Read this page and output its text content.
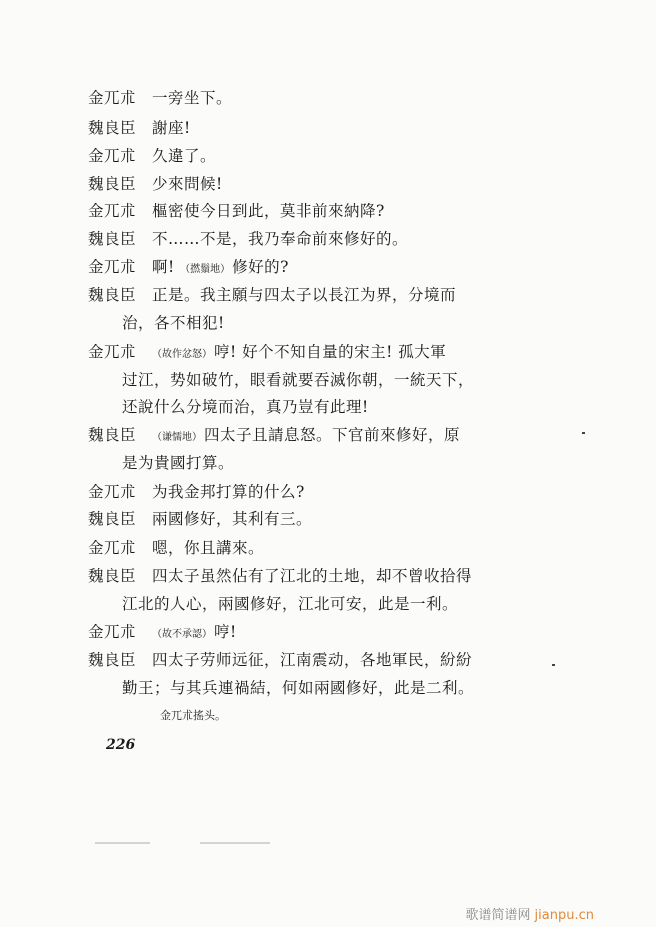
金兀朮 一旁坐下。
魏良臣 謝座!
金兀朮 久違了。
魏良臣 少來問候!
金兀朮 樞密使今日到此，莫非前來納降?
魏良臣 不……不是，我乃奉命前來修好的。
金兀朮 啊! （撚鬚地） 修好的?
魏良臣 正是。我主願与四太子以長江为界，分境而
治，各不相犯!
金兀朮 （故作忿怒） 哼! 好个不知自量的宋主! 孤大軍
过江，势如破竹，眼看就要吞滅你朝，一統天下，
还說什么分境而治，真乃豈有此理!
魏良臣 （谦懦地） 四太子且請息怒。下官前來修好，原
是为貴國打算。
金兀朮 为我金邦打算的什么?
魏良臣 兩國修好，其利有三。
金兀朮 嗯，你且講來。
魏良臣 四太子虽然佔有了江北的土地，却不曾收拾得
江北的人心，兩國修好，江北可安，此是一利。
金兀朮 （故不承認） 哼!
魏良臣 四太子劳师远征，江南震动，各地軍民，紛紛
勤王；与其兵連禍結，何如兩國修好，此是二利。
金兀朮搖头。
226
歌谱简谱网 jianpu.cn
